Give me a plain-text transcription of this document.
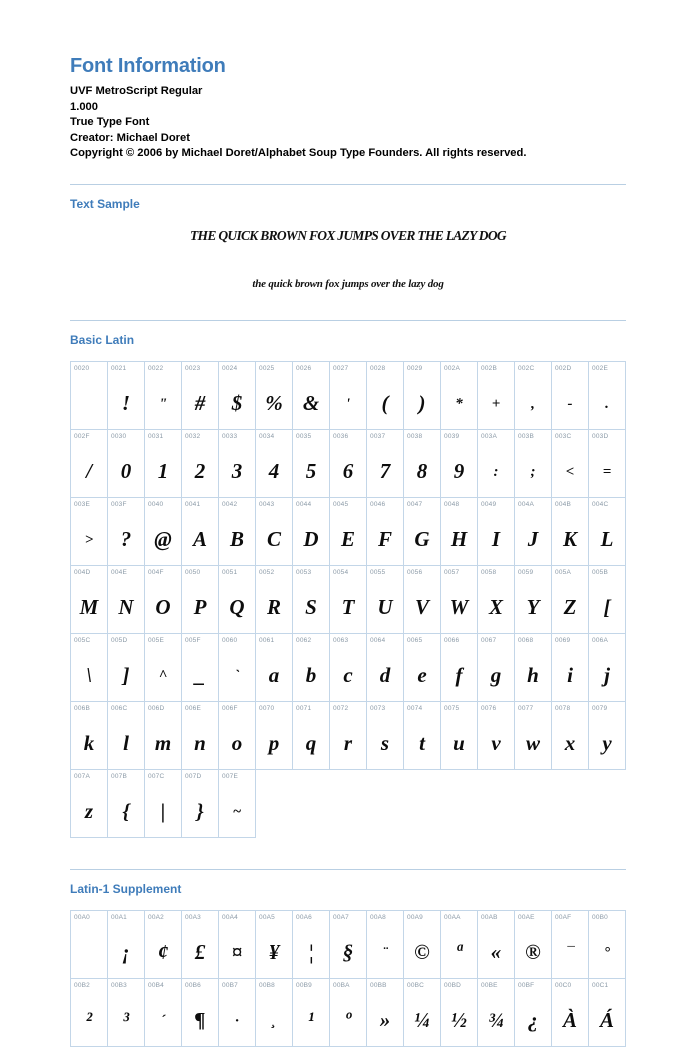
Font Information
UVF MetroScript Regular
1.000
True Type Font
Creator: Michael Doret
Copyright © 2006 by Michael Doret/Alphabet Soup Type Founders. All rights reserved.
Text Sample
THE QUICK BROWN FOX JUMPS OVER THE LAZY DOG
the quick brown fox jumps over the lazy dog
Basic Latin
0020	0021	0022	0023	0024	0025	0026	0027	0028	0029	002A	002B	002C	002D	002E
	!	"	#	$	%	&	'	(	)	*	+	,	-	.
002F	0030	0031	0032	0033	0034	0035	0036	0037	0038	0039	003A	003B	003C	003D
/	0	1	2	3	4	5	6	7	8	9	:	;	<	=
003E	003F	0040	0041	0042	0043	0044	0045	0046	0047	0048	0049	004A	004B	004C
>	?	@	A	B	C	D	E	F	G	H	I	J	K	L
004D	004E	004F	0050	0051	0052	0053	0054	0055	0056	0057	0058	0059	005A	005B
M	N	O	P	Q	R	S	T	U	V	W	X	Y	Z	[
005C	005D	005E	005F	0060	0061	0062	0063	0064	0065	0066	0067	0068	0069	006A
\	]	^	_	`	a	b	c	d	e	f	g	h	i	j
006B	006C	006D	006E	006F	0070	0071	0072	0073	0074	0075	0076	0077	0078	0079
k	l	m	n	o	p	q	r	s	t	u	v	w	x	y
007A	007B	007C	007D	007E										
z	{	|	}	~										
Latin-1 Supplement
00A0	00A1	00A2	00A3	00A4	00A5	00A6	00A7	00A8	00A9	00AA	00AB	00AE	00AF	00B0
	¡	¢	£	¤	¥	¦	§	¨	©	ª	«	®	¯	°
00B2	00B3	00B4	00B6	00B7	00B8	00B9	00BA	00BB	00BC	00BD	00BE	00BF	00C0	00C1
²	³	´	¶	·	¸	¹	º	»	¼	½	¾	¿	À	Á
